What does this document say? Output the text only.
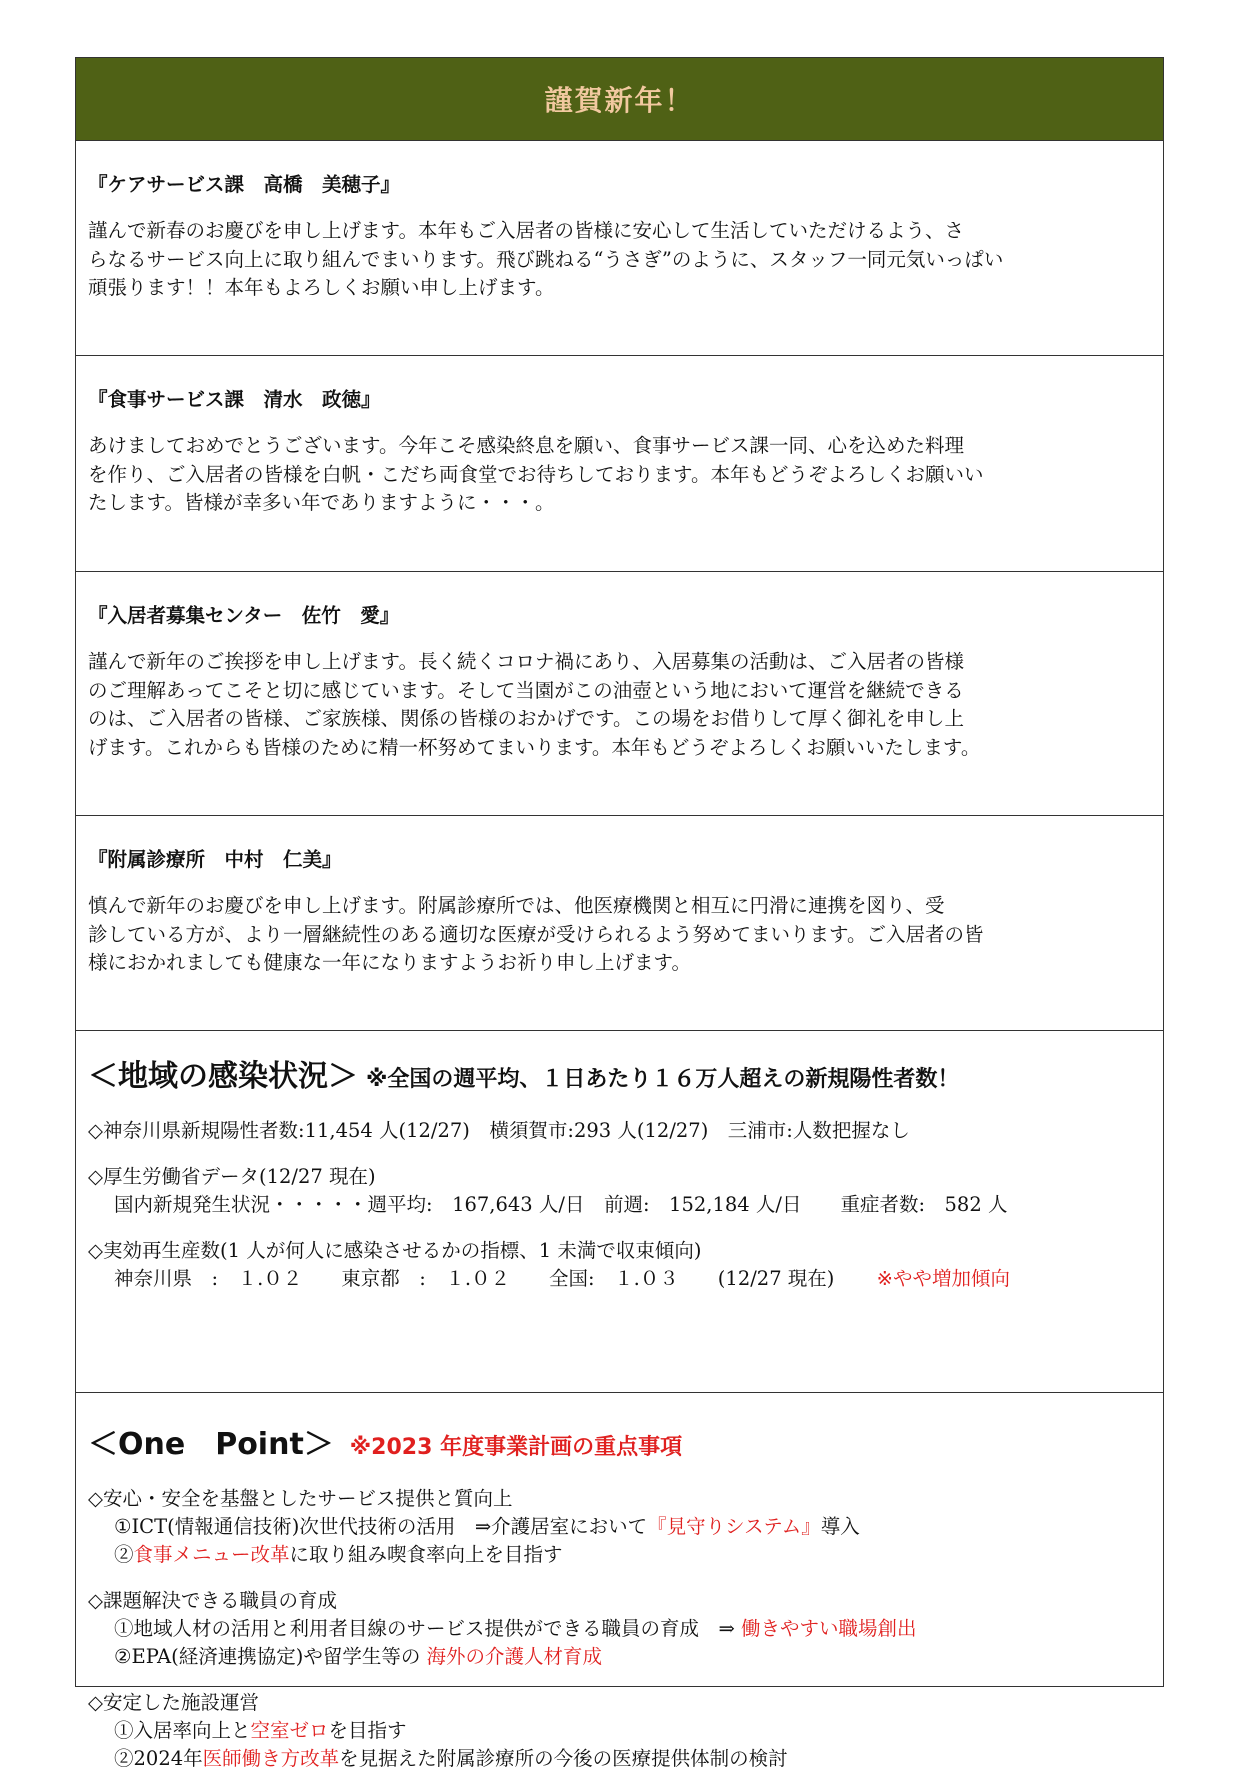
謹賀新年！
『ケアサービス課　高橋　美穂子』
謹んで新春のお慶びを申し上げます。本年もご入居者の皆様に安心して生活していただけるよう、さ
らなるサービス向上に取り組んでまいります。飛び跳ねる“うさぎ”のように、スタッフ一同元気いっぱい
頑張ります！！本年もよろしくお願い申し上げます。
『食事サービス課　清水　政徳』
あけましておめでとうございます。今年こそ感染終息を願い、食事サービス課一同、心を込めた料理
を作り、ご入居者の皆様を白帆・こだち両食堂でお待ちしております。本年もどうぞよろしくお願いい
たします。皆様が幸多い年でありますように・・・。
『入居者募集センター　佐竹　愛』
謹んで新年のご挨拶を申し上げます。長く続くコロナ禍にあり、入居募集の活動は、ご入居者の皆様
のご理解あってこそと切に感じています。そして当園がこの油壺という地において運営を継続できる
のは、ご入居者の皆様、ご家族様、関係の皆様のおかげです。この場をお借りして厚く御礼を申し上
げます。これからも皆様のために精一杯努めてまいります。本年もどうぞよろしくお願いいたします。
『附属診療所　中村　仁美』
慎んで新年のお慶びを申し上げます。附属診療所では、他医療機関と相互に円滑に連携を図り、受
診している方が、より一層継続性のある適切な医療が受けられるよう努めてまいります。ご入居者の皆
様におかれましても健康な一年になりますようお祈り申し上げます。
＜地域の感染状況＞ ※全国の週平均、１日あたり１６万人超えの新規陽性者数！
◇神奈川県新規陽性者数:11,454 人(12/27)　横須賀市:293 人(12/27)　三浦市:人数把握なし
◇厚生労働省データ(12/27 現在)
国内新規発生状況・・・・・週平均:　167,643 人/日　前週:　152,184 人/日　　重症者数:　582 人
◇実効再生産数(1 人が何人に感染させるかの指標、1 未満で収束傾向)
神奈川県　:　１.０２　　東京都　:　１.０２　　全国:　１.０３　　(12/27 現在) ※やや増加傾向
＜One　Point＞ ※2023 年度事業計画の重点事項
◇安心・安全を基盤としたサービス提供と質向上
①ICT(情報通信技術)次世代技術の活用　⇒介護居室において『見守りシステム』導入
②食事メニュー改革に取り組み喫食率向上を目指す
◇課題解決できる職員の育成
①地域人材の活用と利用者目線のサービス提供ができる職員の育成　⇒ 働きやすい職場創出
②EPA(経済連携協定)や留学生等の 海外の介護人材育成
◇安定した施設運営
①入居率向上と空室ゼロを目指す
②2024年医師働き方改革を見据えた附属診療所の今後の医療提供体制の検討
